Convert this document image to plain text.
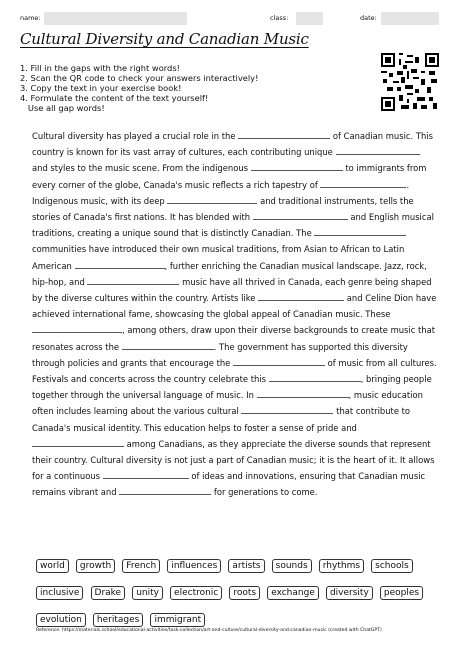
name:	class:	date:
Cultural Diversity and Canadian Music
1. Fill in the gaps with the right words!
2. Scan the QR code to check your answers interactively!
3. Copy the text in your exercise book!
4. Formulate the content of the text yourself!
Use all gap words!
Cultural diversity has played a crucial role in the	of Canadian music. This country is known for its vast array of cultures, each contributing unique  and styles to the music scene. From the indigenous	to immigrants from every corner of the globe, Canada's music reflects a rich tapestry of	. Indigenous music, with its deep	and traditional instruments, tells the stories of Canada's first nations. It has blended with	and English musical traditions, creating a unique sound that is distinctly Canadian. The  communities have introduced their own musical traditions, from Asian to African to Latin American	, further enriching the Canadian musical landscape. Jazz, rock, hip-hop, and	music have all thrived in Canada, each genre being shaped by the diverse cultures within the country. Artists like	and Celine Dion have achieved international fame, showcasing the global appeal of Canadian music. These , among others, draw upon their diverse backgrounds to create music that resonates across the	. The government has supported this diversity through policies and grants that encourage the	of music from all cultures. Festivals and concerts across the country celebrate this	, bringing people together through the universal language of music. In	, music education often includes learning about the various cultural	that contribute to Canada's musical identity. This education helps to foster a sense of pride and  among Canadians, as they appreciate the diverse sounds that represent their country. Cultural diversity is not just a part of Canadian music; it is the heart of it. It allows for a continuous	of ideas and innovations, ensuring that Canadian music remains vibrant and	for generations to come.
world growth French influences artists sounds rhythms schools inclusive Drake unity electronic roots exchange diversity peoples evolution heritages immigrant
Reference: https://materials.school/educational-activities/task-collection/art-and-culture/cultural-diversity-and-canadian-music (created with ChatGPT)
